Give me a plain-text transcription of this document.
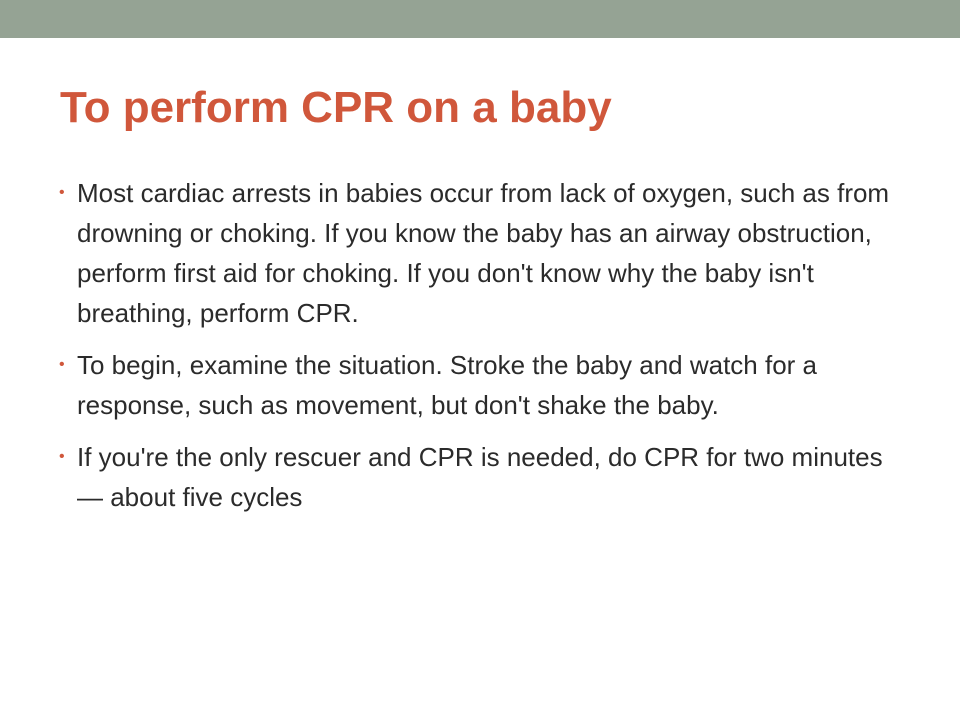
To perform CPR on a baby
• Most cardiac arrests in babies occur from lack of oxygen, such as from drowning or choking. If you know the baby has an airway obstruction, perform first aid for choking. If you don't know why the baby isn't breathing, perform CPR.
• To begin, examine the situation. Stroke the baby and watch for a response, such as movement, but don't shake the baby.
• If you're the only rescuer and CPR is needed, do CPR for two minutes — about five cycles
